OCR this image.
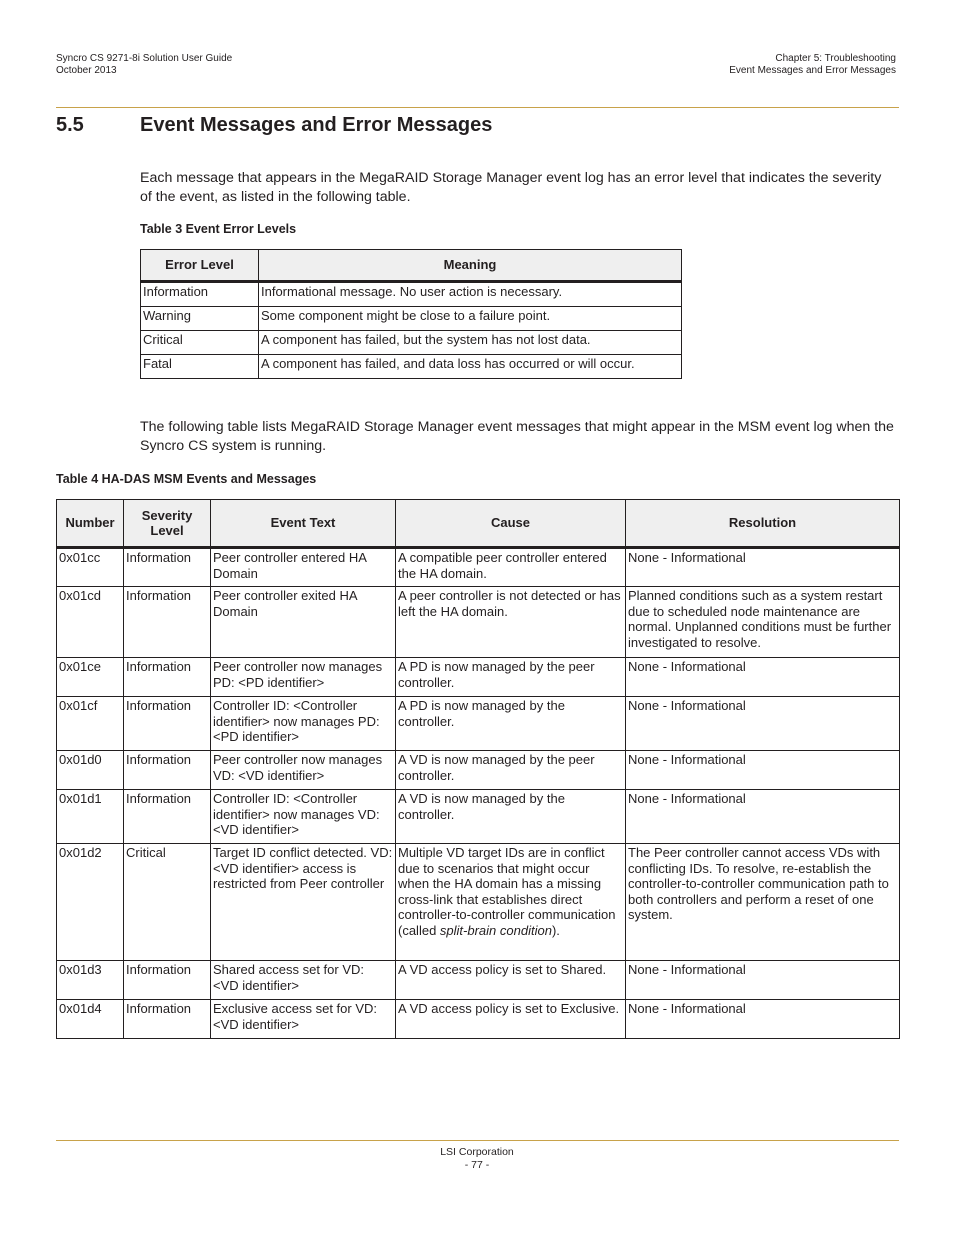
Syncro CS 9271-8i Solution User Guide
October 2013
Chapter 5: Troubleshooting
Event Messages and Error Messages
5.5	Event Messages and Error Messages

Each message that appears in the MegaRAID Storage Manager event log has an error level that indicates the severity of the event, as listed in the following table.

Table 3 Event Error Levels
Error Level	Meaning
Information	Informational message. No user action is necessary.
Warning	Some component might be close to a failure point.
Critical	A component has failed, but the system has not lost data.
Fatal	A component has failed, and data loss has occurred or will occur.

The following table lists MegaRAID Storage Manager event messages that might appear in the MSM event log when the Syncro CS system is running.

Table 4 HA-DAS MSM Events and Messages
Number	Severity Level	Event Text	Cause	Resolution
0x01cc	Information	Peer controller entered HA Domain	A compatible peer controller entered the HA domain.	None - Informational
0x01cd	Information	Peer controller exited HA Domain	A peer controller is not detected or has left the HA domain.	Planned conditions such as a system restart due to scheduled node maintenance are normal. Unplanned conditions must be further investigated to resolve.
0x01ce	Information	Peer controller now manages PD: <PD identifier>	A PD is now managed by the peer controller.	None - Informational
0x01cf	Information	Controller ID: <Controller identifier> now manages PD: <PD identifier>	A PD is now managed by the controller.	None - Informational
0x01d0	Information	Peer controller now manages VD: <VD identifier>	A VD is now managed by the peer controller.	None - Informational
0x01d1	Information	Controller ID: <Controller identifier> now manages VD: <VD identifier>	A VD is now managed by the controller.	None - Informational
0x01d2	Critical	Target ID conflict detected. VD: <VD identifier> access is restricted from Peer controller	Multiple VD target IDs are in conflict due to scenarios that might occur when the HA domain has a missing cross-link that establishes direct controller-to-controller communication (called split-brain condition).	The Peer controller cannot access VDs with conflicting IDs. To resolve, re-establish the controller-to-controller communication path to both controllers and perform a reset of one system.
0x01d3	Information	Shared access set for VD: <VD identifier>	A VD access policy is set to Shared.	None - Informational
0x01d4	Information	Exclusive access set for VD: <VD identifier>	A VD access policy is set to Exclusive.	None - Informational
LSI Corporation
- 77 -
